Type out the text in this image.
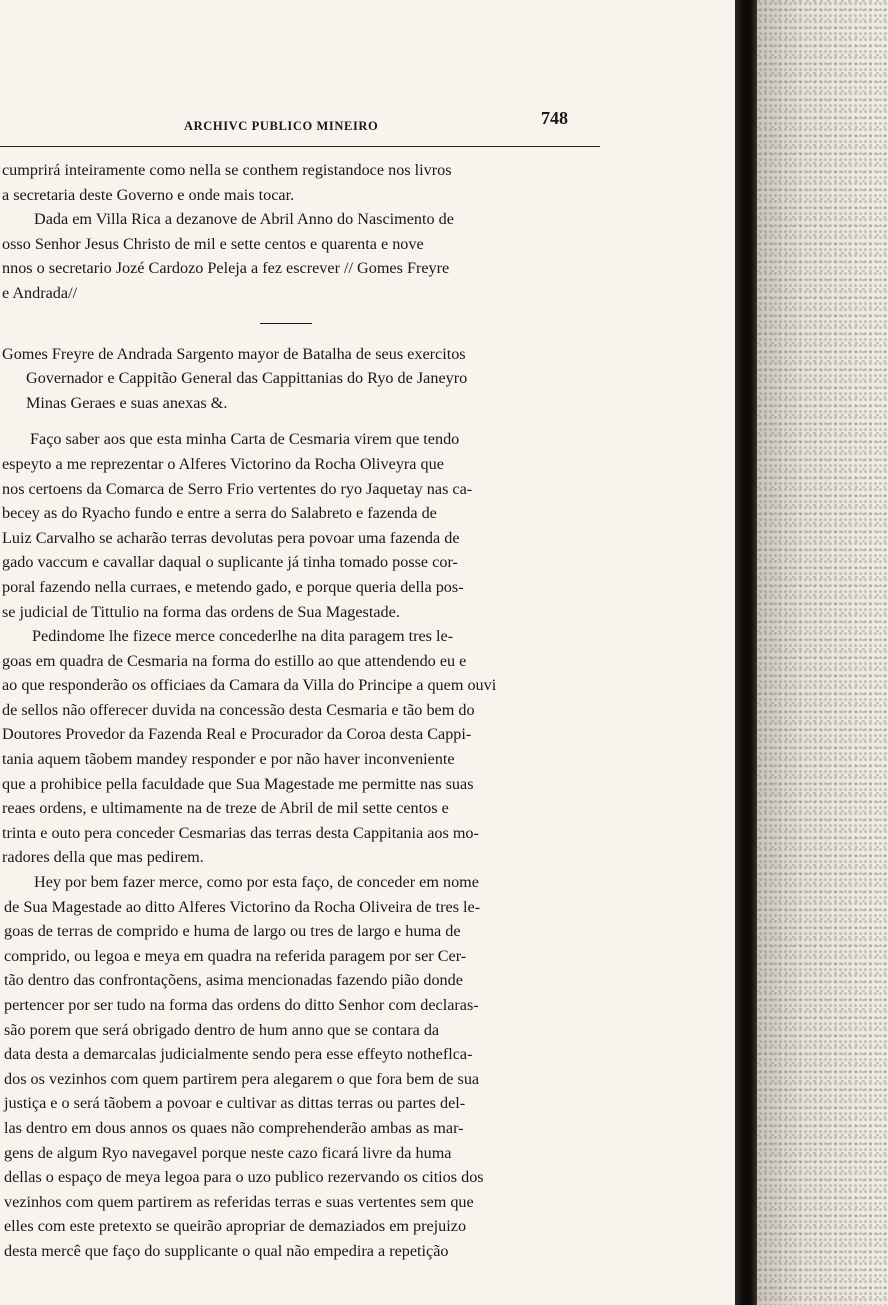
ARCHIVC PUBLICO MINEIRO	748
cumprirá inteiramente como nella se conthem registandoce nos livros
a secretaria deste Governo e onde mais tocar.
Dada em Villa Rica a dezanove de Abril Anno do Nascimento de
osso Senhor Jesus Christo de mil e sette centos e quarenta e nove
nnos o secretario Jozé Cardozo Peleja a fez escrever // Gomes Freyre
e Andrada//
Gomes Freyre de Andrada Sargento mayor de Batalha de seus exercitos
Governador e Cappitão General das Cappittanias do Ryo de Janeyro
Minas Geraes e suas anexas &.
Faço saber aos que esta minha Carta de Cesmaria virem que tendo
espeyto a me reprezentar o Alferes Victorino da Rocha Oliveyra que
nos certoens da Comarca de Serro Frio vertentes do ryo Jaquetay nas ca-
becey as do Ryacho fundo e entre a serra do Salabreto e fazenda de
Luiz Carvalho se acharão terras devolutas pera povoar uma fazenda de
gado vaccum e cavallar daqual o suplicante já tinha tomado posse cor-
poral fazendo nella curraes, e metendo gado, e porque queria della pos-
se judicial de Tittulio na forma das ordens de Sua Magestade.
Pedindome lhe fizece merce concederlhe na dita paragem tres le-
goas em quadra de Cesmaria na forma do estillo ao que attendendo eu e
ao que responderão os officiaes da Camara da Villa do Principe a quem ouvi
de sellos não offerecer duvida na concessão desta Cesmaria e tão bem do
Doutores Provedor da Fazenda Real e Procurador da Coroa desta Cappi-
tania aquem tãobem mandey responder e por não haver inconveniente
que a prohibice pella faculdade que Sua Magestade me permitte nas suas
reaes ordens, e ultimamente na de treze de Abril de mil sette centos e
trinta e outo pera conceder Cesmarias das terras desta Cappitania aos mo-
radores della que mas pedirem.
Hey por bem fazer merce, como por esta faço, de conceder em nome
de Sua Magestade ao ditto Alferes Victorino da Rocha Oliveira de tres le-
goas de terras de comprido e huma de largo ou tres de largo e huma de
comprido, ou legoa e meya em quadra na referida paragem por ser Cer-
tão dentro das confrontaçõens, asima mencionadas fazendo pião donde
pertencer por ser tudo na forma das ordens do ditto Senhor com declaras-
são porem que será obrigado dentro de hum anno que se contara da
data desta a demarcalas judicialmente sendo pera esse effeyto notheflca-
dos os vezinhos com quem partirem pera alegarem o que fora bem de sua
justiça e o será tãobem a povoar e cultivar as dittas terras ou partes del-
las dentro em dous annos os quaes não comprehenderão ambas as mar-
gens de algum Ryo navegavel porque neste cazo ficará livre da huma
dellas o espaço de meya legoa para o uzo publico rezervando os citios dos
vezinhos com quem partirem as referidas terras e suas vertentes sem que
elles com este pretexto se queirão apropriar de demaziados em prejuizo
desta mercê que faço do supplicante o qual não empedira a repetição
